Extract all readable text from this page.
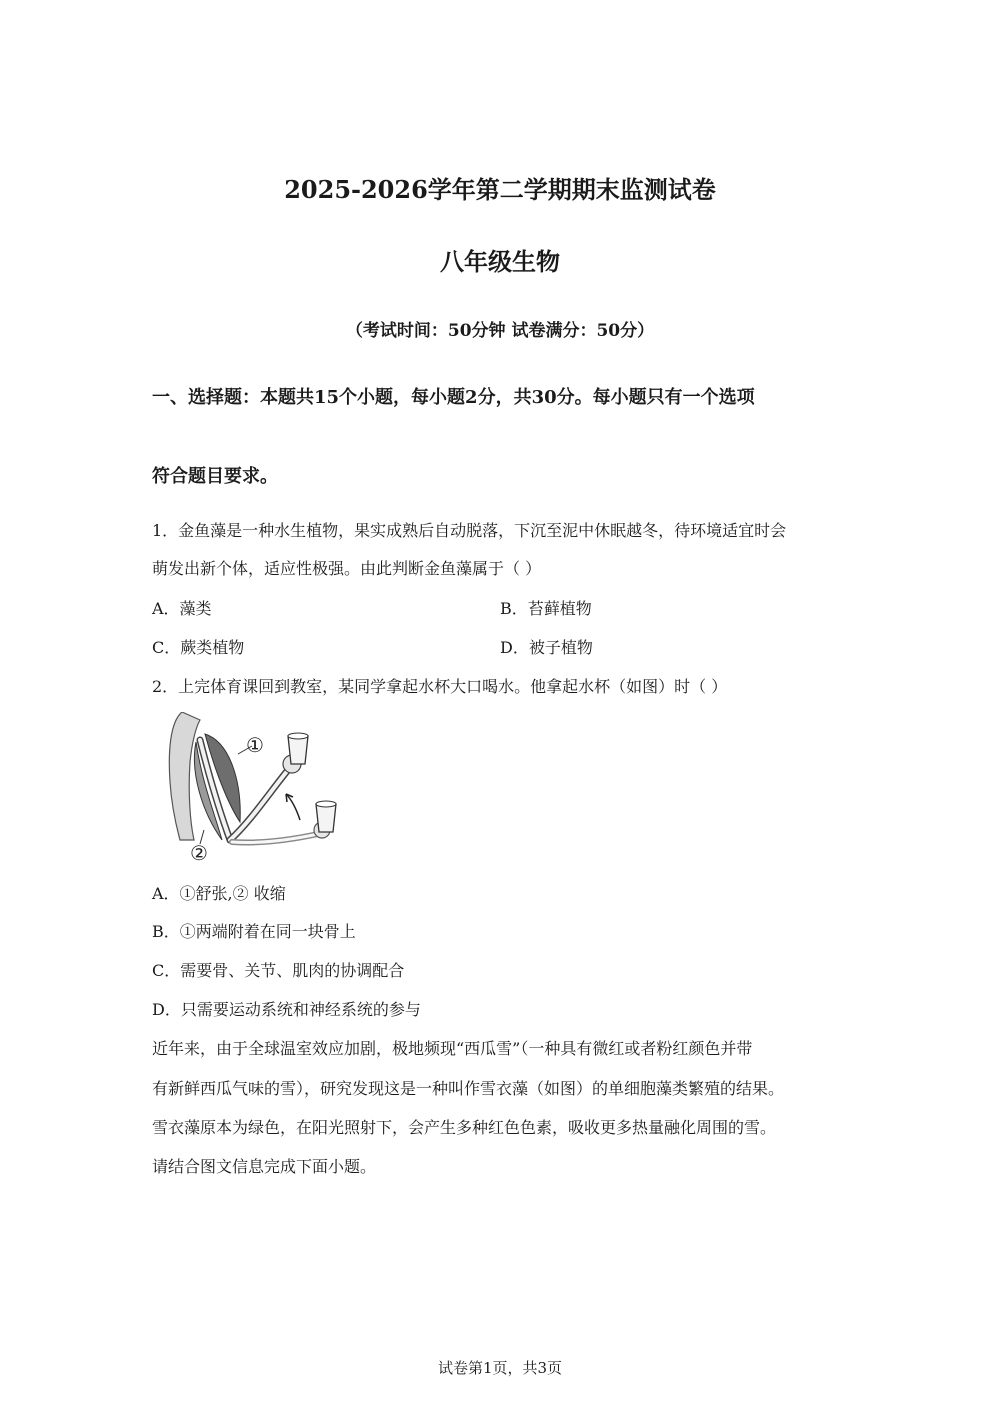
2025-2026学年第二学期期末监测试卷
八年级生物
（考试时间：50分钟 试卷满分：50分）
一、选择题：本题共15个小题，每小题2分，共30分。每小题只有一个选项
符合题目要求。
1．金鱼藻是一种水生植物，果实成熟后自动脱落，下沉至泥中休眠越冬，待环境适宜时会
萌发出新个体，适应性极强。由此判断金鱼藻属于（ ）
A．藻类	B．苔藓植物
C．蕨类植物	D．被子植物
2．上完体育课回到教室，某同学拿起水杯大口喝水。他拿起水杯（如图）时（ ）
①
②
A．①舒张,② 收缩
B．①两端附着在同一块骨上
C．需要骨、关节、肌肉的协调配合
D．只需要运动系统和神经系统的参与
近年来，由于全球温室效应加剧，极地频现“西瓜雪”（一种具有微红或者粉红颜色并带
有新鲜西瓜气味的雪），研究发现这是一种叫作雪衣藻（如图）的单细胞藻类繁殖的结果。
雪衣藻原本为绿色，在阳光照射下，会产生多种红色色素，吸收更多热量融化周围的雪。
请结合图文信息完成下面小题。
试卷第1页，共3页
